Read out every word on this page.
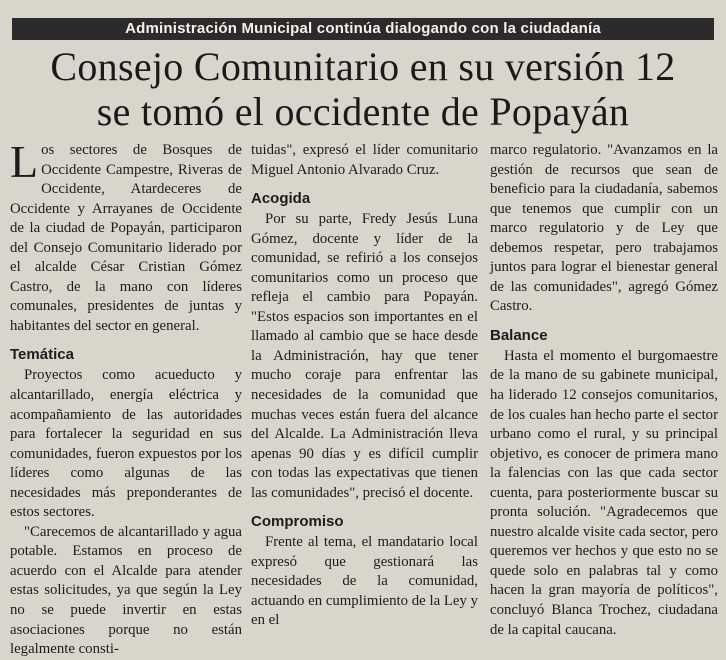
Administración Municipal continúa dialogando con la ciudadanía
Consejo Comunitario en su versión 12
se tomó el occidente de Popayán

Los sectores de Bosques de Occidente Campestre, Riveras de Occidente, Atardeceres de Occidente y Arrayanes de Occidente de la ciudad de Popayán, participaron del Consejo Comunitario liderado por el alcalde César Cristian Gómez Castro, de la mano con líderes comunales, presidentes de juntas y habitantes del sector en general.

Temática

Proyectos como acueducto y alcantarillado, energía eléctrica y acompañamiento de las autoridades para fortalecer la seguridad en sus comunidades, fueron expuestos por los líderes como algunas de las necesidades más preponderantes de estos sectores.

"Carecemos de alcantarillado y agua potable. Estamos en proceso de acuerdo con el Alcalde para atender estas solicitudes, ya que según la Ley no se puede invertir en estas asociaciones porque no están legalmente consti-

tuidas", expresó el líder comunitario Miguel Antonio Alvarado Cruz.

Acogida

Por su parte, Fredy Jesús Luna Gómez, docente y líder de la comunidad, se refirió a los consejos comunitarios como un proceso que refleja el cambio para Popayán. "Estos espacios son importantes en el llamado al cambio que se hace desde la Administración, hay que tener mucho coraje para enfrentar las necesidades de la comunidad que muchas veces están fuera del alcance del Alcalde. La Administración lleva apenas 90 días y es difícil cumplir con todas las expectativas que tienen las comunidades", precisó el docente.

Compromiso

Frente al tema, el mandatario local expresó que gestionará las necesidades de la comunidad, actuando en cumplimiento de la Ley y en el

marco regulatorio. "Avanzamos en la gestión de recursos que sean de beneficio para la ciudadanía, sabemos que tenemos que cumplir con un marco regulatorio y de Ley que debemos respetar, pero trabajamos juntos para lograr el bienestar general de las comunidades", agregó Gómez Castro.

Balance

Hasta el momento el burgomaestre de la mano de su gabinete municipal, ha liderado 12 consejos comunitarios, de los cuales han hecho parte el sector urbano como el rural, y su principal objetivo, es conocer de primera mano la falencias con las que cada sector cuenta, para posteriormente buscar su pronta solución. "Agradecemos que nuestro alcalde visite cada sector, pero queremos ver hechos y que esto no se quede solo en palabras tal y como hacen la gran mayoría de políticos", concluyó Blanca Trochez, ciudadana de la capital caucana.
